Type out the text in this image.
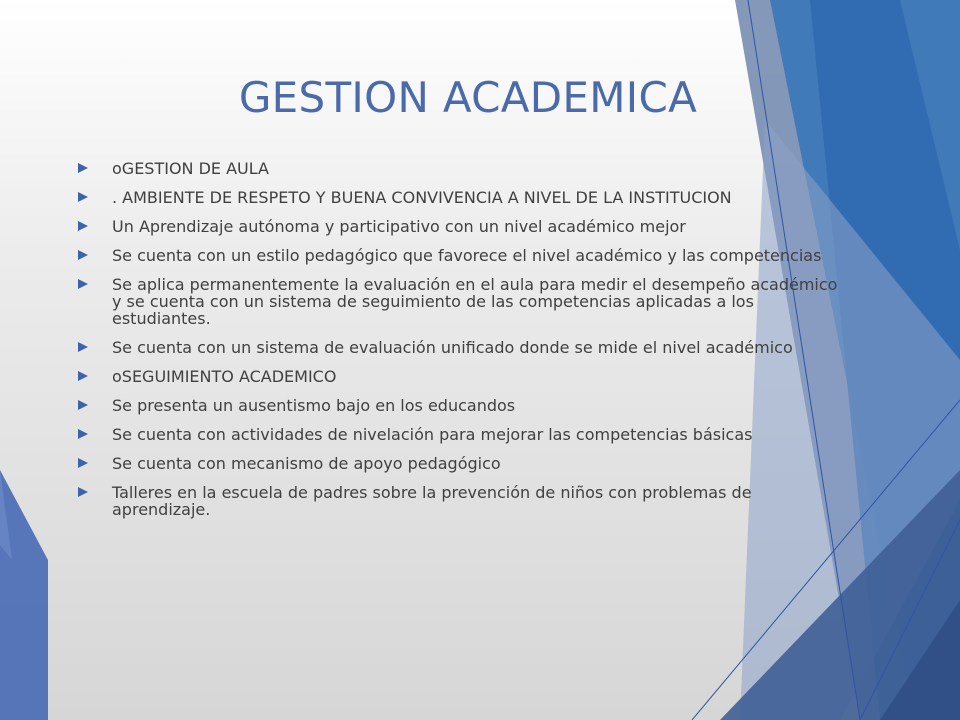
GESTION ACADEMICA
oGESTION DE AULA
. AMBIENTE DE RESPETO Y BUENA CONVIVENCIA A NIVEL DE LA INSTITUCION
Un Aprendizaje autónoma y participativo con un nivel académico mejor
Se cuenta con un estilo pedagógico que favorece el nivel académico y las competencias
Se aplica permanentemente la evaluación en el aula para medir el desempeño académico y se cuenta con un sistema de seguimiento de las competencias aplicadas a los estudiantes.
Se cuenta con un sistema de evaluación unificado donde se mide el nivel académico
oSEGUIMIENTO ACADEMICO
Se presenta un ausentismo bajo en los educandos
Se cuenta con actividades de nivelación para mejorar las competencias básicas
Se cuenta con mecanismo de apoyo pedagógico
Talleres en la escuela de padres sobre la prevención de niños con problemas de aprendizaje.
